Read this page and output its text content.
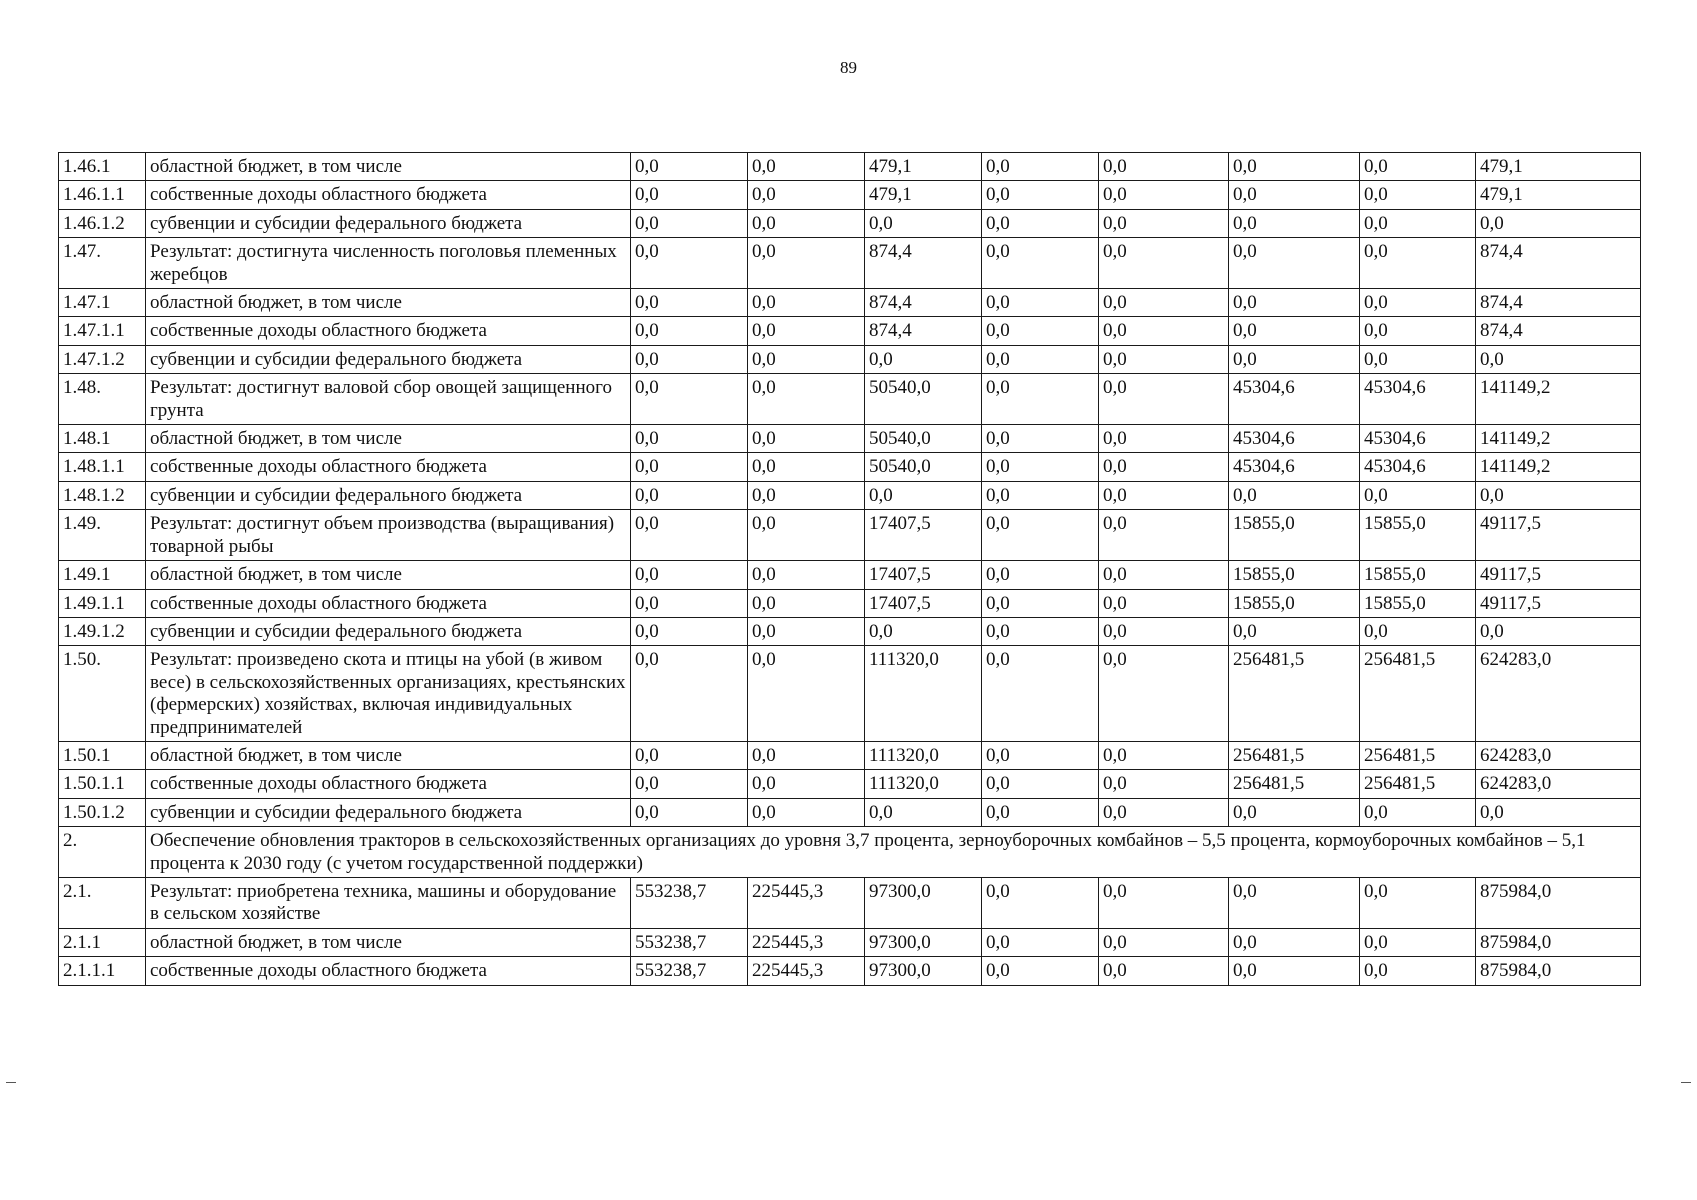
89
1.46.1	областной бюджет, в том числе	0,0	0,0	479,1	0,0	0,0	0,0	0,0	479,1
1.46.1.1	собственные доходы областного бюджета	0,0	0,0	479,1	0,0	0,0	0,0	0,0	479,1
1.46.1.2	субвенции и субсидии федерального бюджета	0,0	0,0	0,0	0,0	0,0	0,0	0,0	0,0
1.47.	Результат: достигнута численность поголовья племенных жеребцов	0,0	0,0	874,4	0,0	0,0	0,0	0,0	874,4
1.47.1	областной бюджет, в том числе	0,0	0,0	874,4	0,0	0,0	0,0	0,0	874,4
1.47.1.1	собственные доходы областного бюджета	0,0	0,0	874,4	0,0	0,0	0,0	0,0	874,4
1.47.1.2	субвенции и субсидии федерального бюджета	0,0	0,0	0,0	0,0	0,0	0,0	0,0	0,0
1.48.	Результат: достигнут валовой сбор овощей защищенного грунта	0,0	0,0	50540,0	0,0	0,0	45304,6	45304,6	141149,2
1.48.1	областной бюджет, в том числе	0,0	0,0	50540,0	0,0	0,0	45304,6	45304,6	141149,2
1.48.1.1	собственные доходы областного бюджета	0,0	0,0	50540,0	0,0	0,0	45304,6	45304,6	141149,2
1.48.1.2	субвенции и субсидии федерального бюджета	0,0	0,0	0,0	0,0	0,0	0,0	0,0	0,0
1.49.	Результат: достигнут объем производства (выращивания) товарной рыбы	0,0	0,0	17407,5	0,0	0,0	15855,0	15855,0	49117,5
1.49.1	областной бюджет, в том числе	0,0	0,0	17407,5	0,0	0,0	15855,0	15855,0	49117,5
1.49.1.1	собственные доходы областного бюджета	0,0	0,0	17407,5	0,0	0,0	15855,0	15855,0	49117,5
1.49.1.2	субвенции и субсидии федерального бюджета	0,0	0,0	0,0	0,0	0,0	0,0	0,0	0,0
1.50.	Результат: произведено скота и птицы на убой (в живом весе) в сельскохозяйственных организациях, крестьянских (фермерских) хозяйствах, включая индивидуальных предпринимателей	0,0	0,0	111320,0	0,0	0,0	256481,5	256481,5	624283,0
1.50.1	областной бюджет, в том числе	0,0	0,0	111320,0	0,0	0,0	256481,5	256481,5	624283,0
1.50.1.1	собственные доходы областного бюджета	0,0	0,0	111320,0	0,0	0,0	256481,5	256481,5	624283,0
1.50.1.2	субвенции и субсидии федерального бюджета	0,0	0,0	0,0	0,0	0,0	0,0	0,0	0,0
2.	Обеспечение обновления тракторов в сельскохозяйственных организациях до уровня 3,7 процента, зерноуборочных комбайнов – 5,5 процента, кормоуборочных комбайнов – 5,1 процента к 2030 году (с учетом государственной поддержки)								
2.1.	Результат: приобретена техника, машины и оборудование в сельском хозяйстве	553238,7	225445,3	97300,0	0,0	0,0	0,0	0,0	875984,0
2.1.1	областной бюджет, в том числе	553238,7	225445,3	97300,0	0,0	0,0	0,0	0,0	875984,0
2.1.1.1	собственные доходы областного бюджета	553238,7	225445,3	97300,0	0,0	0,0	0,0	0,0	875984,0
